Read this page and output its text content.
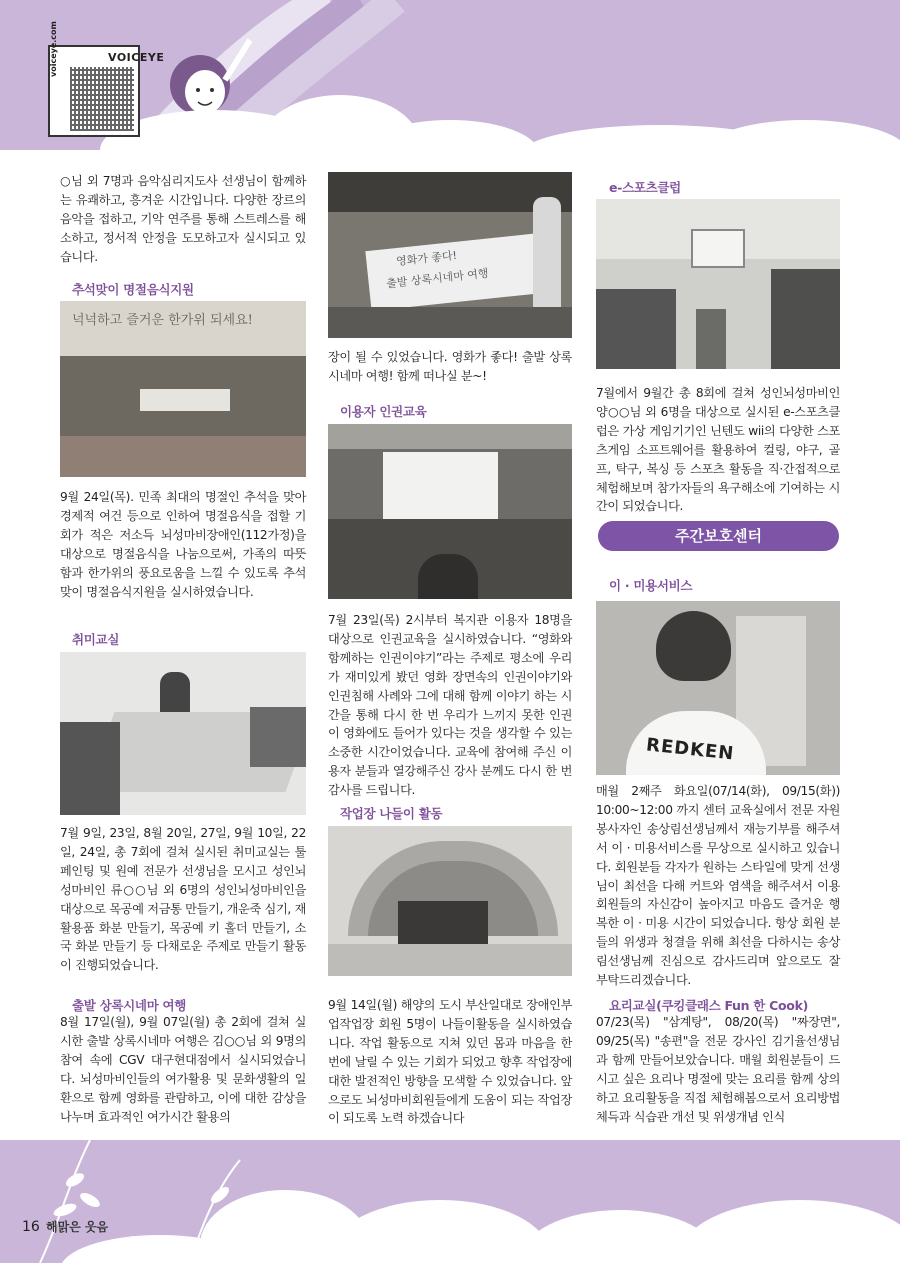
VOICEYE
voiceye.com

○님 외 7명과 음악심리지도사 선생님이 함께하는 유쾌하고, 흥겨운 시간입니다. 다양한 장르의 음악을 접하고, 기악 연주를 통해 스트레스를 해소하고, 정서적 안정을 도모하고자 실시되고 있습니다.

추석맞이 명절음식지원
넉넉하고 즐거운 한가위 되세요!

9월 24일(목). 민족 최대의 명절인 추석을 맞아 경제적 여건 등으로 인하여 명절음식을 접할 기회가 적은 저소득 뇌성마비장애인(112가정)을 대상으로 명절음식을 나눔으로써, 가족의 따뜻함과 한가위의 풍요로움을 느낄 수 있도록 추석맞이 명절음식지원을 실시하였습니다.

취미교실

7월 9일, 23일, 8월 20일, 27일, 9월 10일, 22일, 24일, 총 7회에 걸쳐 실시된 취미교실는 툴 페인팅 및 원예 전문가 선생님을 모시고 성인뇌성마비인 류○○님 외 6명의 성인뇌성마비인을 대상으로 목공예 저금통 만들기, 개운죽 심기, 재활용품 화분 만들기, 목공예 키 홀더 만들기, 소국 화분 만들기 등 다채로운 주제로 만들기 활동이 진행되었습니다.

출발 상록시네마 여행

8월 17일(월), 9월 07일(월) 총 2회에 걸쳐 실시한 출발 상록시네마 여행은 김○○님 외 9명의 참여 속에 CGV 대구현대점에서 실시되었습니다. 뇌성마비인들의 여가활용 및 문화생활의 일환으로 함께 영화를 관람하고, 이에 대한 감상을 나누며 효과적인 여가시간 활용의

영화가 좋다!
출발 상록시네마 여행

장이 될 수 있었습니다. 영화가 좋다! 출발 상록시네마 여행! 함께 떠나실 분~!

이용자 인권교육

7월 23일(목) 2시부터 복지관 이용자 18명을 대상으로 인권교육을 실시하였습니다. “영화와 함께하는 인권이야기”라는 주제로 평소에 우리가 재미있게 봤던 영화 장면속의 인권이야기와 인권침해 사례와 그에 대해 함께 이야기 하는 시간을 통해 다시 한 번 우리가 느끼지 못한 인권이 영화에도 들어가 있다는 것을 생각할 수 있는 소중한 시간이었습니다. 교육에 참여해 주신 이용자 분들과 열강해주신 강사 분께도 다시 한 번 감사를 드립니다.

작업장 나들이 활동

9월 14일(월) 해양의 도시 부산일대로 장애인부업작업장 회원 5명이 나들이활동을 실시하였습니다. 작업 활동으로 지쳐 있던 몸과 마음을 한 번에 날릴 수 있는 기회가 되었고 향후 작업장에 대한 발전적인 방향을 모색할 수 있었습니다. 앞으로도 뇌성마비회원들에게 도움이 되는 작업장이 되도록 노력 하겠습니다

e-스포츠클럽

7월에서 9월간 총 8회에 걸쳐 성인뇌성마비인 양○○님 외 6명을 대상으로 실시된 e-스포츠클럽은 가상 게임기기인 닌텐도 wii의 다양한 스포츠게임 소프트웨어를 활용하여 컬링, 야구, 골프, 탁구, 복싱 등 스포츠 활동을 직·간접적으로 체험해보며 참가자들의 욕구해소에 기여하는 시간이 되었습니다.

주간보호센터
이 · 미용서비스
REDKEN

매월 2째주 화요일(07/14(화), 09/15(화)) 10:00~12:00 까지 센터 교육실에서 전문 자원봉사자인 송상림선생님께서 재능기부를 해주셔서 이 · 미용서비스를 무상으로 실시하고 있습니다. 회원분들 각자가 원하는 스타일에 맞게 선생님이 최선을 다해 커트와 염색을 해주셔서 이용회원들의 자신감이 높아지고 마음도 즐거운 행복한 이 · 미용 시간이 되었습니다. 항상 회원 분들의 위생과 청결을 위해 최선을 다하시는 송상림선생님께 진심으로 감사드리며 앞으로도 잘 부탁드리겠습니다.

요리교실(쿠킹클래스 Fun 한 Cook)

07/23(목) "삼계탕", 08/20(목) "짜장면", 09/25(목) "송편"을 전문 강사인 김기율선생님과 함께 만들어보았습니다. 매월 회원분들이 드시고 싶은 요리나 명절에 맞는 요리를 함께 상의하고 요리활동을 직접 체험해봄으로서 요리방법 체득과 식습관 개선 및 위생개념 인식

16 해맑은 웃음
